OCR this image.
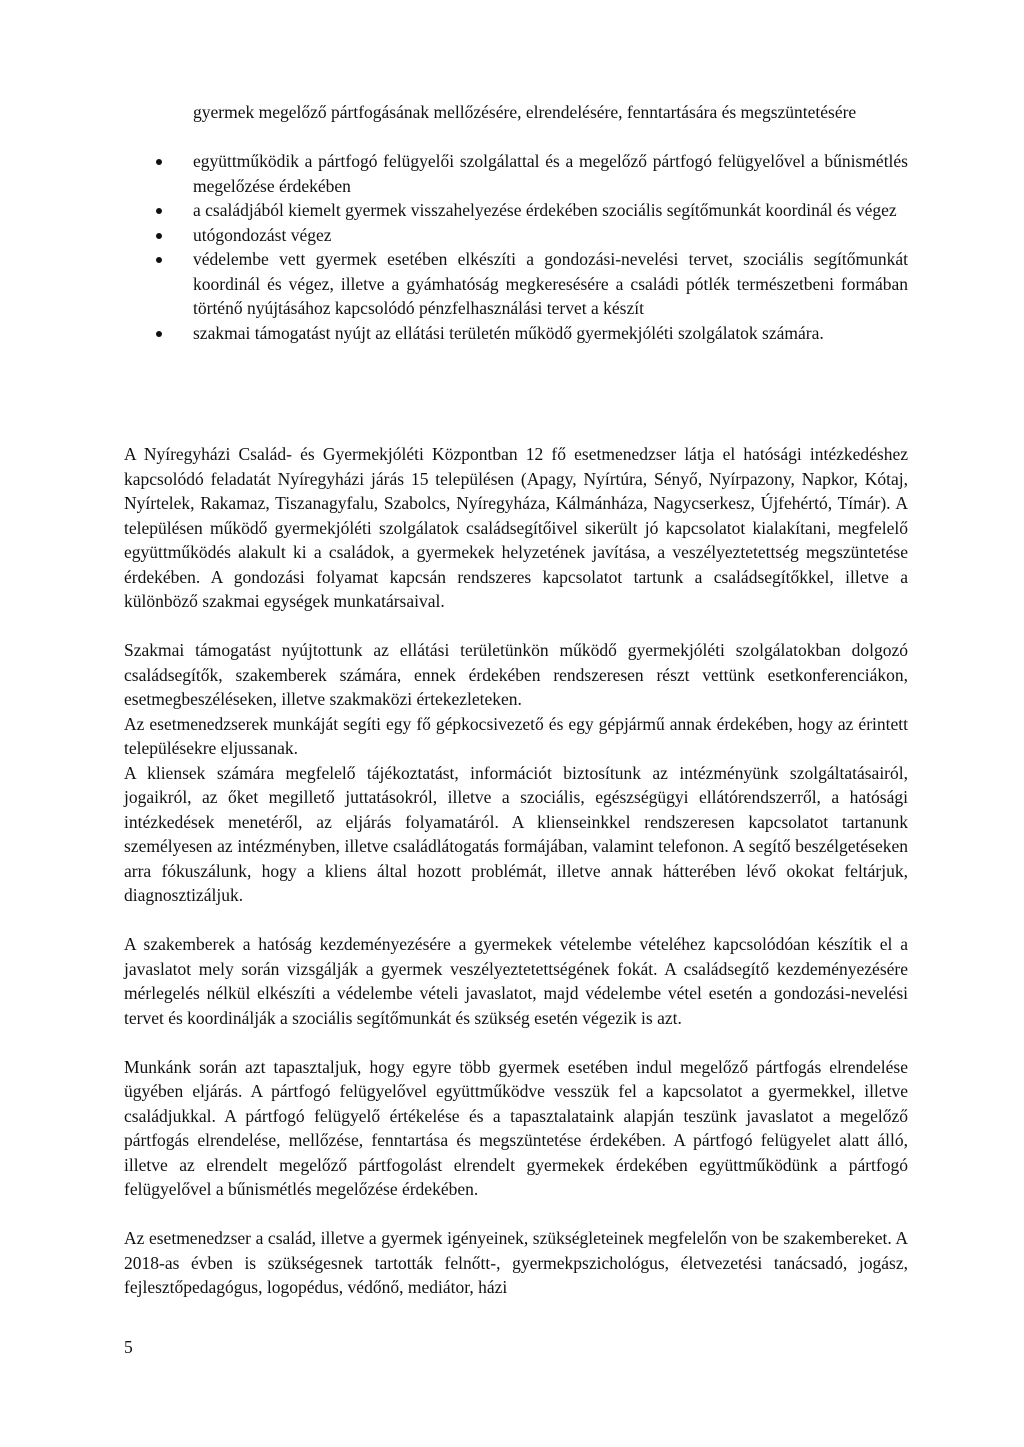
gyermek megelőző pártfogásának mellőzésére, elrendelésére, fenntartására és megszüntetésére
együttműködik a pártfogó felügyelői szolgálattal és a megelőző pártfogó felügyelővel a bűnismétlés megelőzése érdekében
a családjából kiemelt gyermek visszahelyezése érdekében szociális segítőmunkát koordinál és végez
utógondozást végez
védelembe vett gyermek esetében elkészíti a gondozási-nevelési tervet, szociális segítőmunkát koordinál és végez, illetve a gyámhatóság megkeresésére a családi pótlék természetbeni formában történő nyújtásához kapcsolódó pénzfelhasználási tervet a készít
szakmai támogatást nyújt az ellátási területén működő gyermekjóléti szolgálatok számára.

A Nyíregyházi Család- és Gyermekjóléti Központban 12 fő esetmenedzser látja el hatósági intézkedéshez kapcsolódó feladatát Nyíregyházi járás 15 településen (Apagy, Nyírtúra, Sényő, Nyírpazony, Napkor, Kótaj, Nyírtelek, Rakamaz, Tiszanagyfalu, Szabolcs, Nyíregyháza, Kálmánháza, Nagycserkesz, Újfehértó, Tímár). A településen működő gyermekjóléti szolgálatok családsegítőivel sikerült jó kapcsolatot kialakítani, megfelelő együttműködés alakult ki a családok, a gyermekek helyzetének javítása, a veszélyeztetettség megszüntetése érdekében. A gondozási folyamat kapcsán rendszeres kapcsolatot tartunk a családsegítőkkel, illetve a különböző szakmai egységek munkatársaival.

Szakmai támogatást nyújtottunk az ellátási területünkön működő gyermekjóléti szolgálatokban dolgozó családsegítők, szakemberek számára, ennek érdekében rendszeresen részt vettünk esetkonferenciákon, esetmegbeszéléseken, illetve szakmaközi értekezleteken.

Az esetmenedzserek munkáját segíti egy fő gépkocsivezető és egy gépjármű annak érdekében, hogy az érintett településekre eljussanak.

A kliensek számára megfelelő tájékoztatást, információt biztosítunk az intézményünk szolgáltatásairól, jogaikról, az őket megillető juttatásokról, illetve a szociális, egészségügyi ellátórendszerről, a hatósági intézkedések menetéről, az eljárás folyamatáról. A klienseinkkel rendszeresen kapcsolatot tartanunk személyesen az intézményben, illetve családlátogatás formájában, valamint telefonon. A segítő beszélgetéseken arra fókuszálunk, hogy a kliens által hozott problémát, illetve annak hátterében lévő okokat feltárjuk, diagnosztizáljuk.

A szakemberek a hatóság kezdeményezésére a gyermekek vételembe vételéhez kapcsolódóan készítik el a javaslatot mely során vizsgálják a gyermek veszélyeztetettségének fokát. A családsegítő kezdeményezésére mérlegelés nélkül elkészíti a védelembe vételi javaslatot, majd védelembe vétel esetén a gondozási-nevelési tervet és koordinálják a szociális segítőmunkát és szükség esetén végezik is azt.

Munkánk során azt tapasztaljuk, hogy egyre több gyermek esetében indul megelőző pártfogás elrendelése ügyében eljárás. A pártfogó felügyelővel együttműködve vesszük fel a kapcsolatot a gyermekkel, illetve családjukkal. A pártfogó felügyelő értékelése és a tapasztalataink alapján teszünk javaslatot a megelőző pártfogás elrendelése, mellőzése, fenntartása és megszüntetése érdekében. A pártfogó felügyelet alatt álló, illetve az elrendelt megelőző pártfogolást elrendelt gyermekek érdekében együttműködünk a pártfogó felügyelővel a bűnismétlés megelőzése érdekében.

Az esetmenedzser a család, illetve a gyermek igényeinek, szükségleteinek megfelelőn von be szakembereket. A 2018-as évben is szükségesnek tartották felnőtt-, gyermekpszichológus, életvezetési tanácsadó, jogász, fejlesztőpedagógus, logopédus, védőnő, mediátor, házi

5
